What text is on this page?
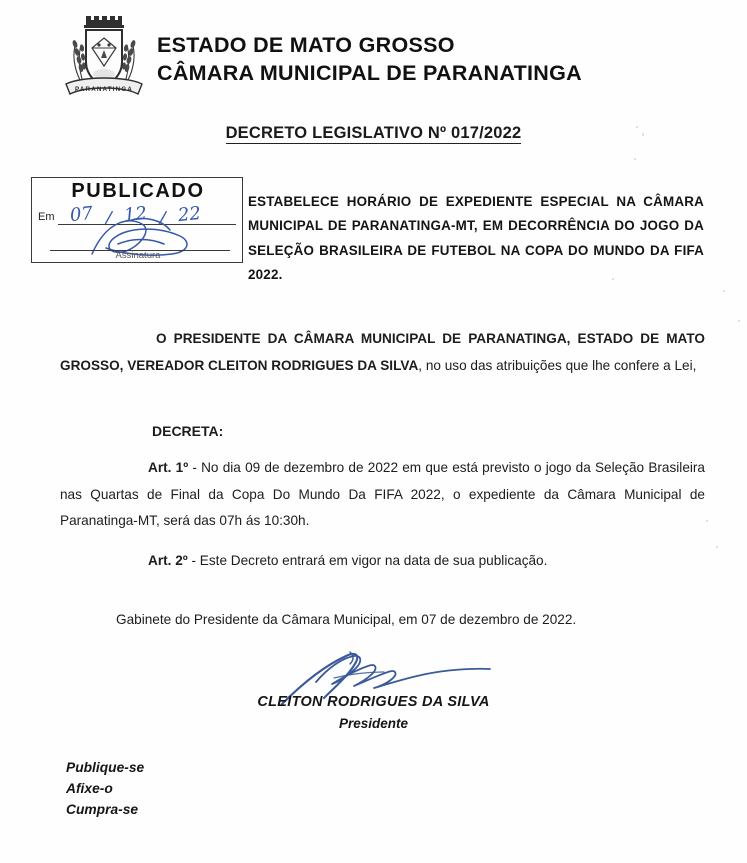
PARANATINGA
ESTADO DE MATO GROSSO
CÂMARA MUNICIPAL DE PARANATINGA
DECRETO LEGISLATIVO Nº 017/2022
PUBLICADO
Em 07 / 12 / 22
Assinatura
ESTABELECE HORÁRIO DE EXPEDIENTE ESPECIAL NA CÂMARA MUNICIPAL DE PARANATINGA-MT, EM DECORRÊNCIA DO JOGO DA SELEÇÃO BRASILEIRA DE FUTEBOL NA COPA DO MUNDO DA FIFA 2022.
O PRESIDENTE DA CÂMARA MUNICIPAL DE PARANATINGA, ESTADO DE MATO GROSSO, VEREADOR CLEITON RODRIGUES DA SILVA, no uso das atribuições que lhe confere a Lei,
DECRETA:
Art. 1º - No dia 09 de dezembro de 2022 em que está previsto o jogo da Seleção Brasileira nas Quartas de Final da Copa Do Mundo Da FIFA 2022, o expediente da Câmara Municipal de Paranatinga-MT, será das 07h ás 10:30h.
Art. 2º - Este Decreto entrará em vigor na data de sua publicação.
Gabinete do Presidente da Câmara Municipal, em 07 de dezembro de 2022.
CLEITON RODRIGUES DA SILVA
Presidente
Publique-se
Afixe-o
Cumpra-se
